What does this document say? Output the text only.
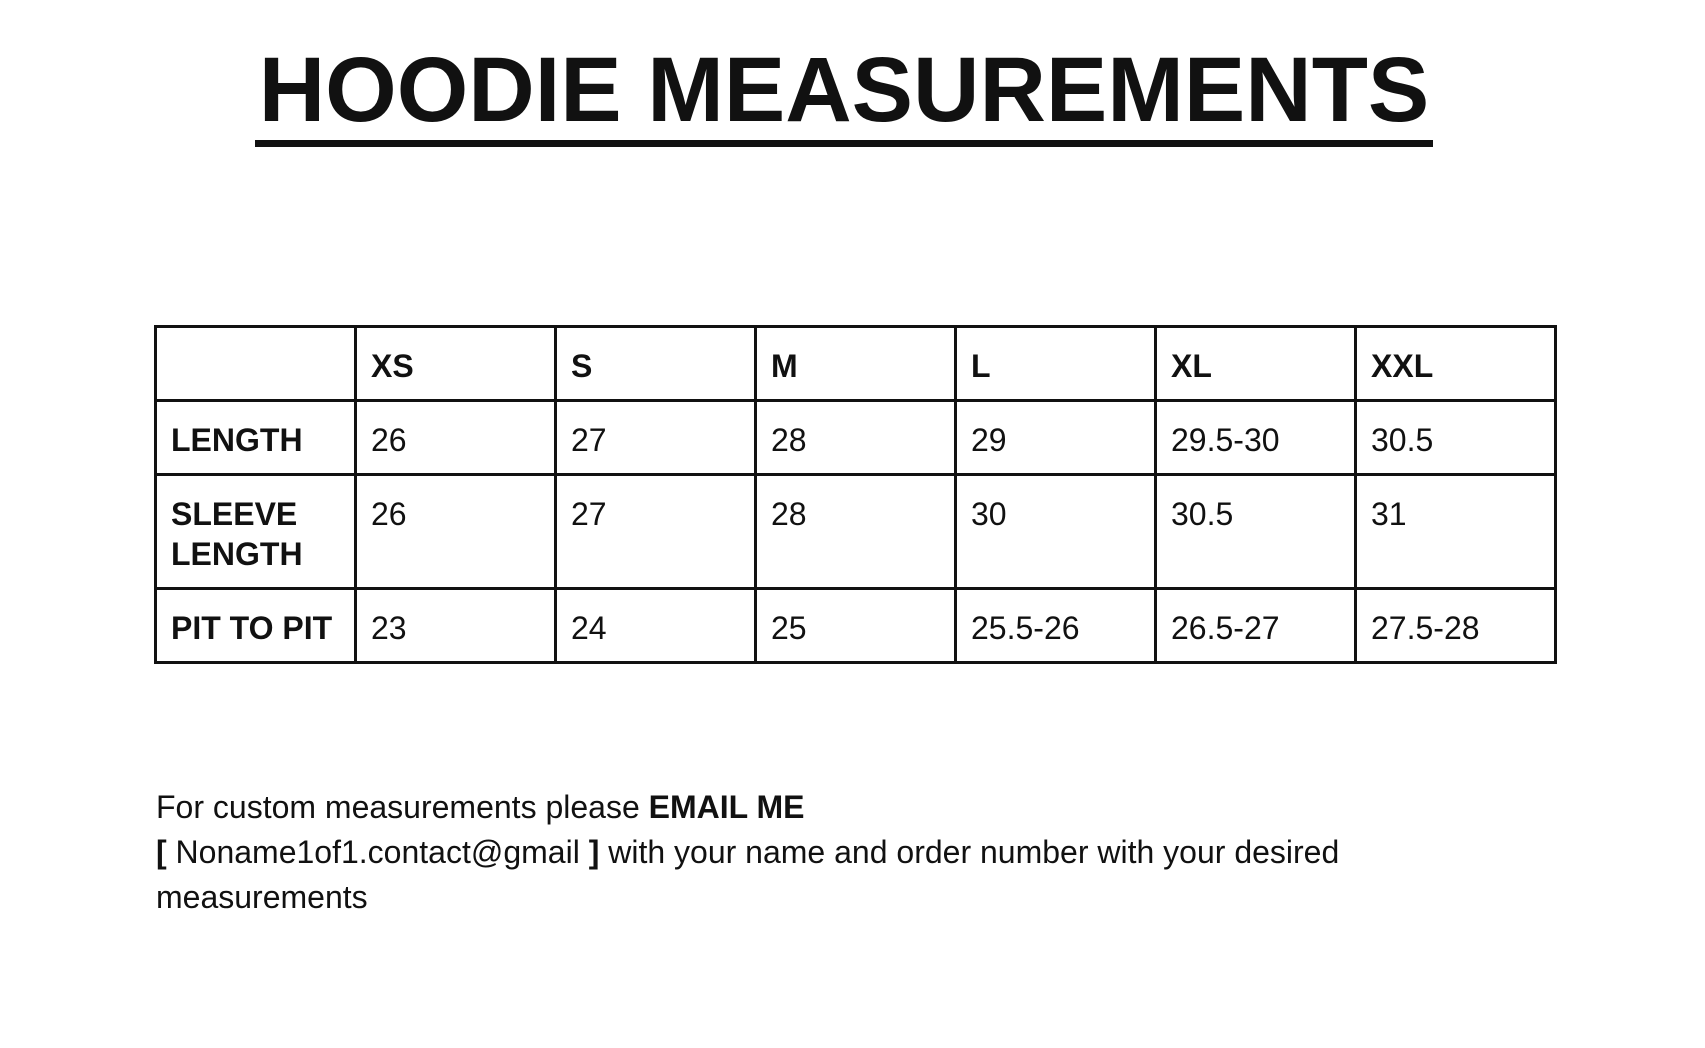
HOODIE MEASUREMENTS
	XS	S	M	L	XL	XXL
LENGTH	26	27	28	29	29.5-30	30.5
SLEEVE LENGTH	26	27	28	30	30.5	31
PIT TO PIT	23	24	25	25.5-26	26.5-27	27.5-28

For custom measurements please EMAIL ME
[ Noname1of1.contact@gmail ] with your name and order number with your desired measurements
